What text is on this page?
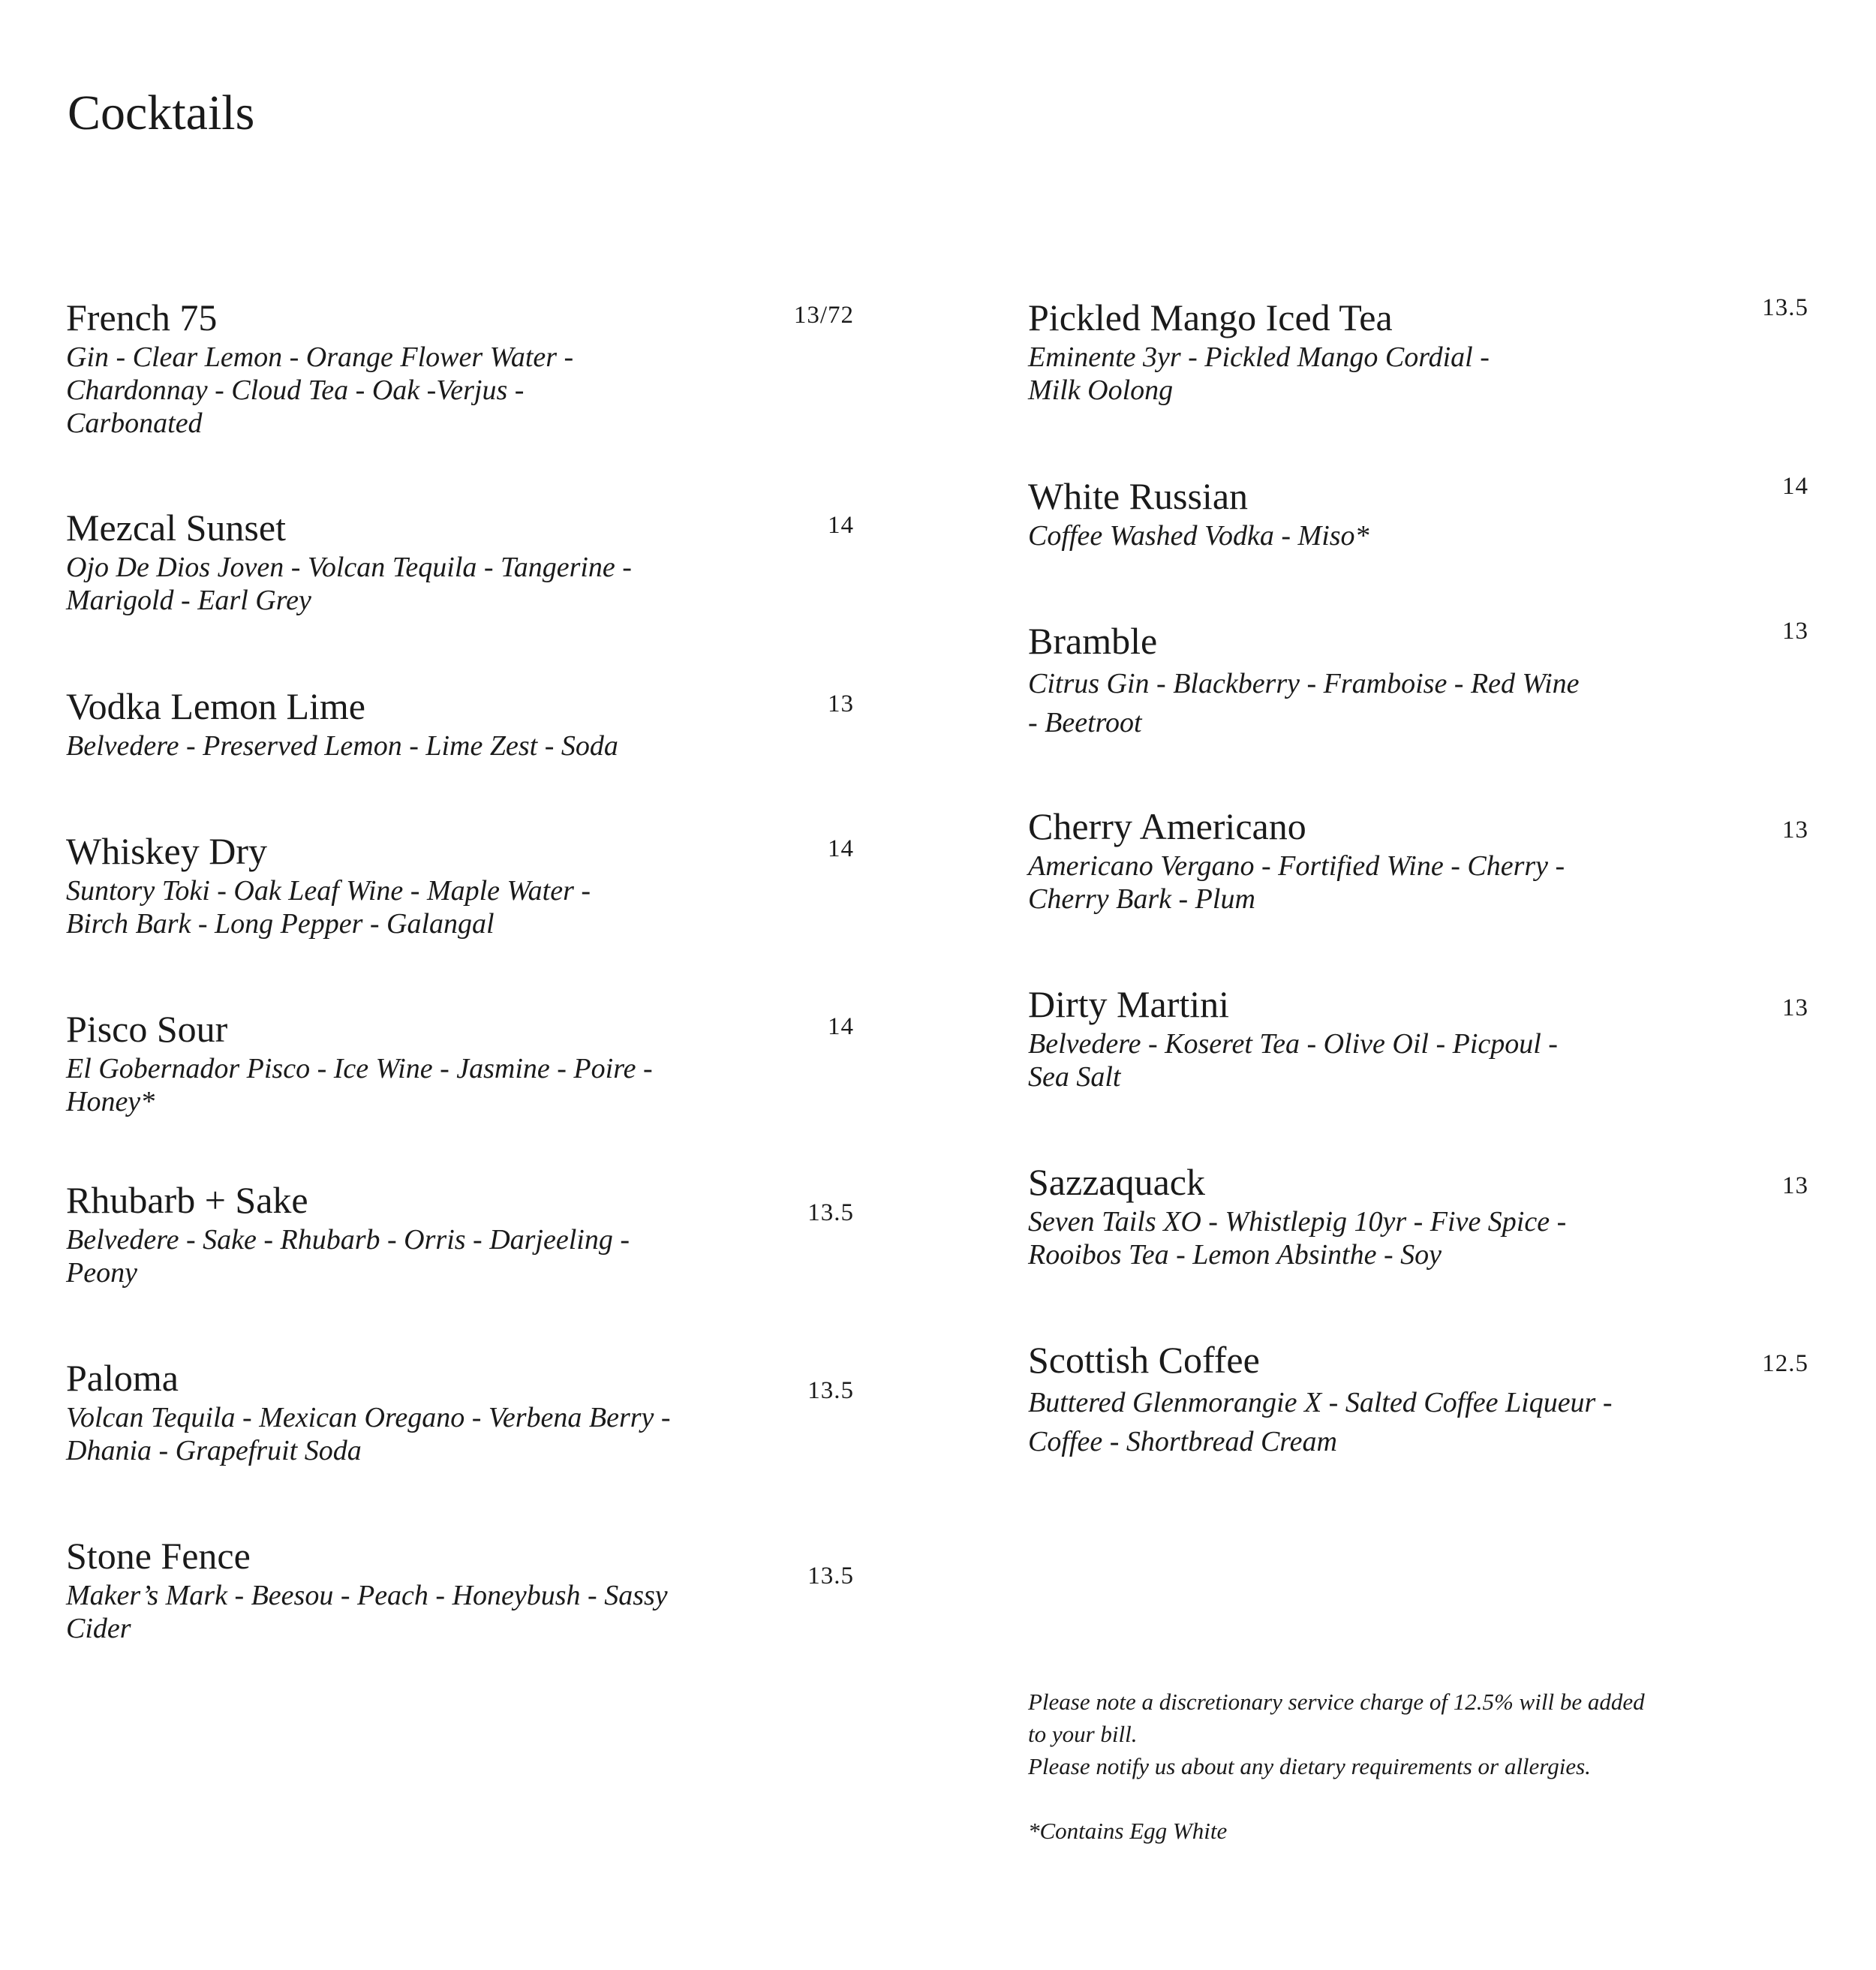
Cocktails
French 75	13/72
Gin - Clear Lemon - Orange Flower Water -
Chardonnay - Cloud Tea - Oak -Verjus -
Carbonated
Mezcal Sunset	14
Ojo De Dios Joven - Volcan Tequila - Tangerine -
Marigold - Earl Grey
Vodka Lemon Lime	13
Belvedere - Preserved Lemon - Lime Zest - Soda
Whiskey Dry	14
Suntory Toki - Oak Leaf Wine - Maple Water -
Birch Bark - Long Pepper - Galangal
Pisco Sour	14
El Gobernador Pisco - Ice Wine - Jasmine - Poire -
Honey*
Rhubarb + Sake	13.5
Belvedere - Sake - Rhubarb - Orris - Darjeeling -
Peony
Paloma	13.5
Volcan Tequila - Mexican Oregano - Verbena Berry -
Dhania - Grapefruit Soda
Stone Fence	13.5
Maker’s Mark - Beesou - Peach - Honeybush - Sassy
Cider
Pickled Mango Iced Tea	13.5
Eminente 3yr - Pickled Mango Cordial -
Milk Oolong
White Russian	14
Coffee Washed Vodka - Miso*
Bramble	13
Citrus Gin - Blackberry - Framboise - Red Wine
- Beetroot
Cherry Americano	13
Americano Vergano - Fortified Wine - Cherry -
Cherry Bark - Plum
Dirty Martini	13
Belvedere - Koseret Tea - Olive Oil - Picpoul -
Sea Salt
Sazzaquack	13
Seven Tails XO - Whistlepig 10yr - Five Spice -
Rooibos Tea - Lemon Absinthe - Soy
Scottish Coffee	12.5
Buttered Glenmorangie X - Salted Coffee Liqueur -
Coffee - Shortbread Cream

Please note a discretionary service charge of 12.5% will be added

to your bill.

Please notify us about any dietary requirements or allergies.

*Contains Egg White
